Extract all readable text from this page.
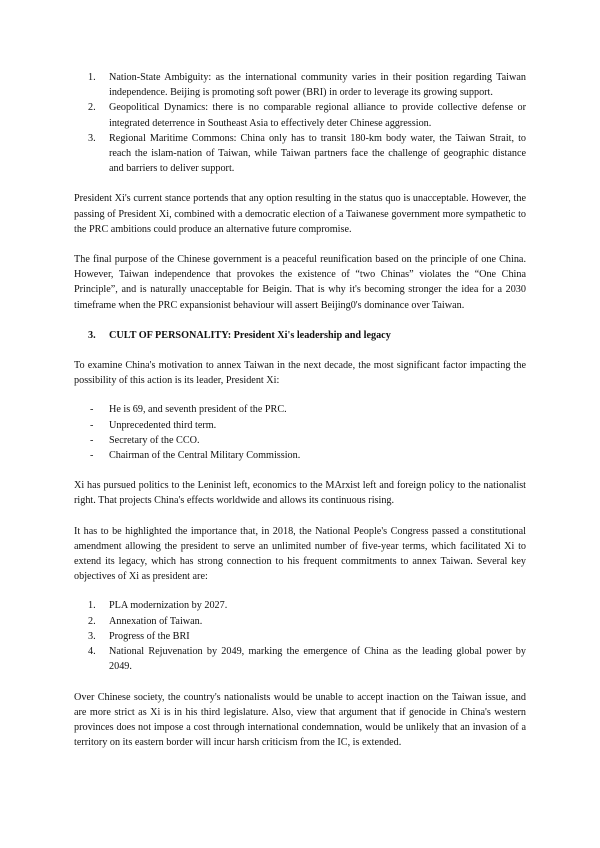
1. Nation-State Ambiguity: as the international community varies in their position regarding Taiwan independence. Beijing is promoting soft power (BRI) in order to leverage its growing support.
2. Geopolitical Dynamics: there is no comparable regional alliance to provide collective defense or integrated deterrence in Southeast Asia to effectively deter Chinese aggression.
3. Regional Maritime Commons: China only has to transit 180-km body water, the Taiwan Strait, to reach the islam-nation of Taiwan, while Taiwan partners face the challenge of geographic distance and barriers to deliver support.

President Xi's current stance portends that any option resulting in the status quo is unacceptable. However, the passing of President Xi, combined with a democratic election of a Taiwanese government more sympathetic to the PRC ambitions could produce an alternative future compromise.

The final purpose of the Chinese government is a peaceful reunification based on the principle of one China. However, Taiwan independence that provokes the existence of “two Chinas” violates the “One China Principle”, and is naturally unacceptable for Beigin. That is why it's becoming stronger the idea for a 2030 timeframe when the PRC expansionist behaviour will assert Beijing0's dominance over Taiwan.

3. CULT OF PERSONALITY: President Xi's leadership and legacy

To examine China's motivation to annex Taiwan in the next decade, the most significant factor impacting the possibility of this action is its leader, President Xi:

- He is 69, and seventh president of the PRC.
- Unprecedented third term.
- Secretary of the CCO.
- Chairman of the Central Military Commission.

Xi has pursued politics to the Leninist left, economics to the MArxist left and foreign policy to the nationalist right. That projects China's effects worldwide and allows its continuous rising.

It has to be highlighted the importance that, in 2018, the National People's Congress passed a constitutional amendment allowing the president to serve an unlimited number of five-year terms, which facilitated Xi to extend its legacy, which has strong connection to his frequent commitments to annex Taiwan. Several key objectives of Xi as president are:

1. PLA modernization by 2027.
2. Annexation of Taiwan.
3. Progress of the BRI
4. National Rejuvenation by 2049, marking the emergence of China as the leading global power by 2049.

Over Chinese society, the country's nationalists would be unable to accept inaction on the Taiwan issue, and are more strict as Xi is in his third legislature. Also, view that argument that if genocide in China's western provinces does not impose a cost through international condemnation, would be unlikely that an invasion of a territory on its eastern border will incur harsh criticism from the IC, is extended.
